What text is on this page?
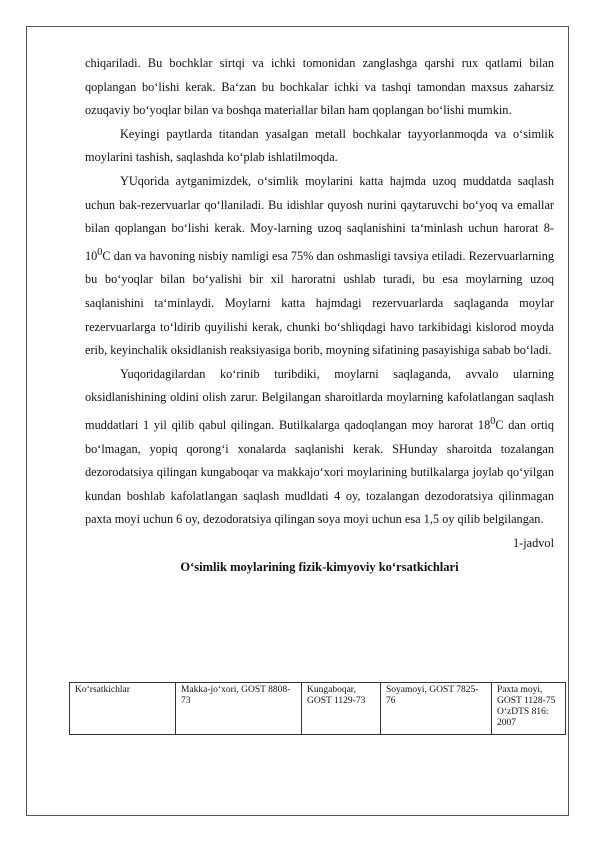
chiqariladi. Bu bochklar sirtqi va ichki tomonidan zanglashga qarshi rux qatlami bilan qoplangan boʻlishi kerak. Baʻzan bu bochkalar ichki va tashqi tamondan maxsus zaharsiz ozuqaviy boʻyoqlar bilan va boshqa materiallar bilan ham qoplangan boʻlishi mumkin.

Keyingi paytlarda titandan yasalgan metall bochkalar tayyorlanmoqda va oʻsimlik moylarini tashish, saqlashda koʻplab ishlatilmoqda.

YUqorida aytganimizdek, oʻsimlik moylarini katta hajmda uzoq muddatda saqlash uchun bak-rezervuarlar qoʻllaniladi. Bu idishlar quyosh nurini qaytaruvchi boʻyoq va emallar bilan qoplangan boʻlishi kerak. Moy-larning uzoq saqlanishini taʻminlash uchun harorat $8-10^0C$ dan va havoning nisbiy namligi esa 75% dan oshmasligi tavsiya etiladi. Rezervuarlarning bu boʻyoqlar bilan boʻyalishi bir xil haroratni ushlab turadi, bu esa moylarning uzoq saqlanishini taʻminlaydi. Moylarni katta hajmdagi rezervuarlarda saqlaganda moylar rezervuarlarga toʻldirib quyilishi kerak, chunki boʻshliqdagi havo tarkibidagi kislorod moyda erib, keyinchalik oksidlanish reaksiyasiga borib, moyning sifatining pasayishiga sabab boʻladi.

Yuqoridagilardan koʻrinib turibdiki, moylarni saqlaganda, avvalo ularning oksidlanishining oldini olish zarur. Belgilangan sharoitlarda moylarning kafolatlangan saqlash muddatlari 1 yil qilib qabul qilingan. Butilkalarga qadoqlangan moy harorat $18^0C$ dan ortiq boʻlmagan, yopiq qorongʻi xonalarda saqlanishi kerak. SHunday sharoitda tozalangan dezorodatsiya qilingan kungaboqar va makkajoʻxori moylarining butilkalarga joylab qoʻyilgan kundan boshlab kafolatlangan saqlash mudldati 4 oy, tozalangan dezodoratsiya qilinmagan paxta moyi uchun 6 oy, dezodoratsiya qilingan soya moyi uchun esa 1,5 oy qilib belgilangan.

1-jadvol

Oʻsimlik moylarining fizik-kimyoviy koʻrsatkichlari

Koʻrsatkichlar	Makka-joʻxori, GOST 8808-73	Kungaboqar, GOST 1129-73	Soyamoyi, GOST 7825-76	Paxta moyi, GOST 1128-75 OʻzDTS 816: 2007
